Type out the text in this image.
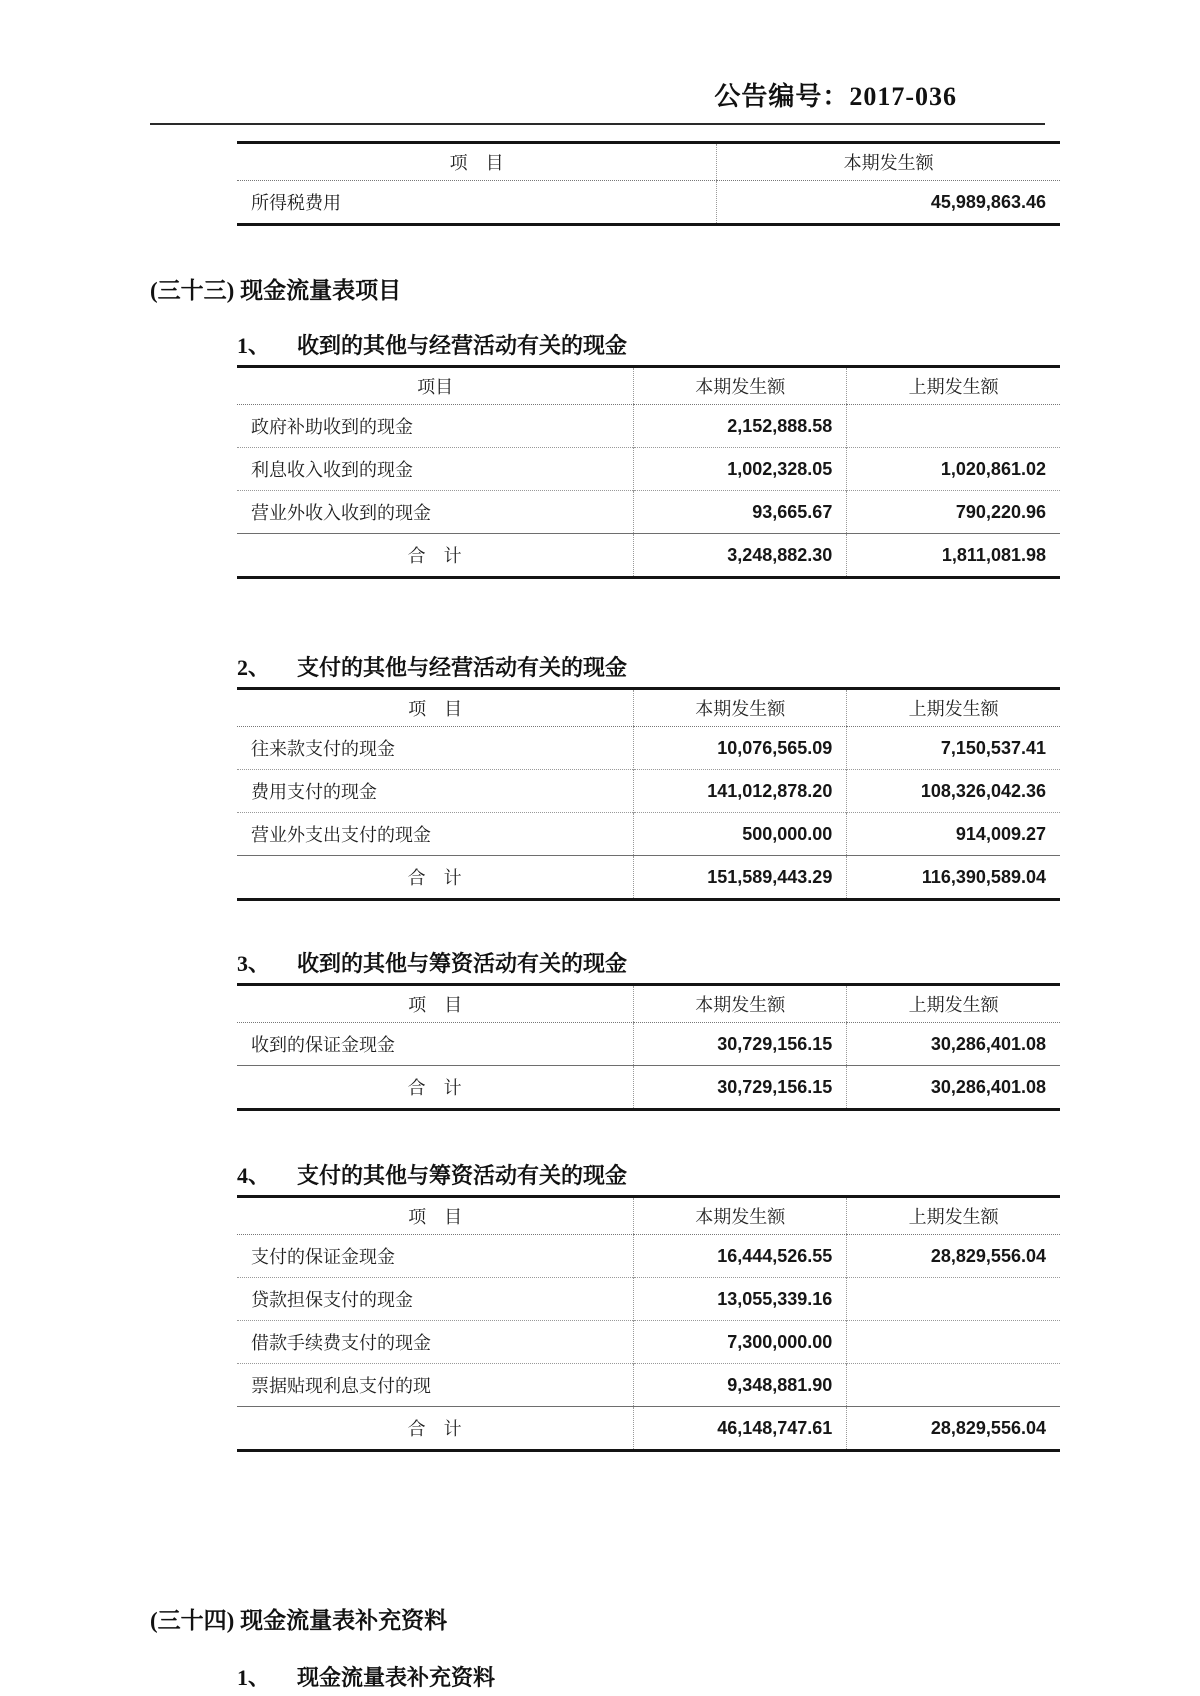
公告编号：2017-036
项　目	本期发生额
所得税费用	45,989,863.46
(三十三) 现金流量表项目
1、	收到的其他与经营活动有关的现金
项目	本期发生额	上期发生额
政府补助收到的现金	2,152,888.58	
利息收入收到的现金	1,002,328.05	1,020,861.02
营业外收入收到的现金	93,665.67	790,220.96
合　计	3,248,882.30	1,811,081.98
2、	支付的其他与经营活动有关的现金
项　目	本期发生额	上期发生额
往来款支付的现金	10,076,565.09	7,150,537.41
费用支付的现金	141,012,878.20	108,326,042.36
营业外支出支付的现金	500,000.00	914,009.27
合　计	151,589,443.29	116,390,589.04
3、	收到的其他与筹资活动有关的现金
项　目	本期发生额	上期发生额
收到的保证金现金	30,729,156.15	30,286,401.08
合　计	30,729,156.15	30,286,401.08
4、	支付的其他与筹资活动有关的现金
项　目	本期发生额	上期发生额
支付的保证金现金	16,444,526.55	28,829,556.04
贷款担保支付的现金	13,055,339.16	
借款手续费支付的现金	7,300,000.00	
票据贴现利息支付的现	9,348,881.90	
合　计	46,148,747.61	28,829,556.04
(三十四) 现金流量表补充资料
1、	现金流量表补充资料
